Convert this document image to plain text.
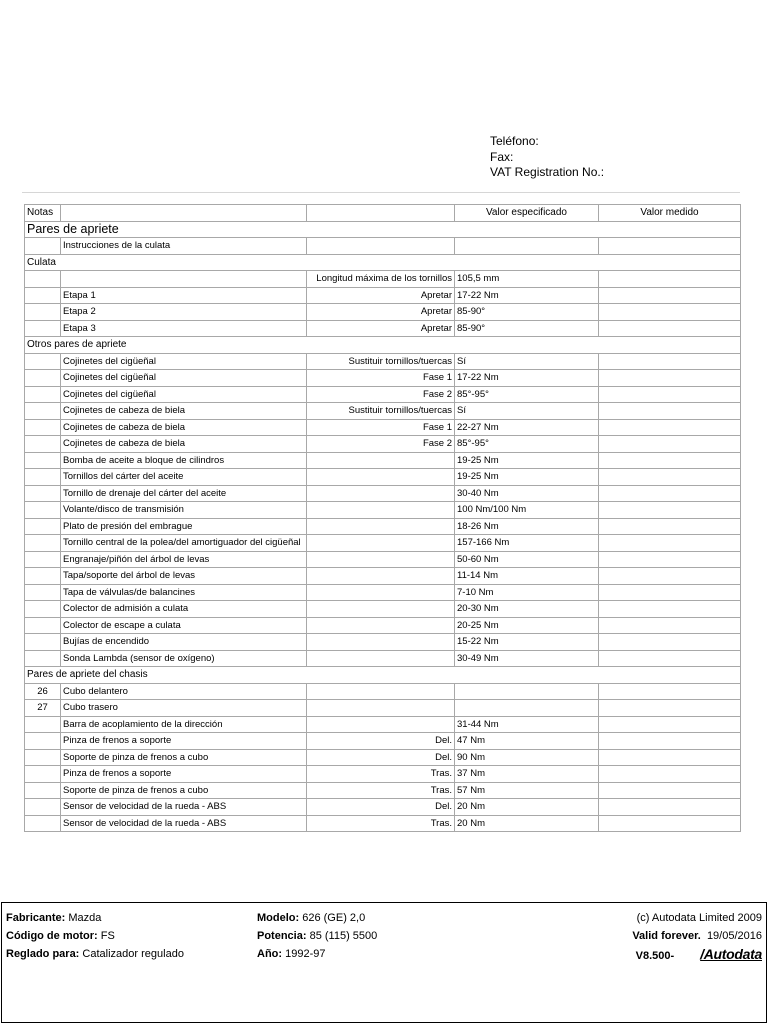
Teléfono:
Fax:
VAT Registration No.:
Notas			Valor especificado	Valor medido
Pares de apriete				
	Instrucciones de la culata			
Culata				
		Longitud máxima de los tornillos	105,5 mm	
	Etapa 1	Apretar	17-22 Nm	
	Etapa 2	Apretar	85-90°	
	Etapa 3	Apretar	85-90°	
Otros pares de apriete				
	Cojinetes del cigüeñal	Sustituir tornillos/tuercas	Sí	
	Cojinetes del cigüeñal	Fase 1	17-22 Nm	
	Cojinetes del cigüeñal	Fase 2	85°-95°	
	Cojinetes de cabeza de biela	Sustituir tornillos/tuercas	Sí	
	Cojinetes de cabeza de biela	Fase 1	22-27 Nm	
	Cojinetes de cabeza de biela	Fase 2	85°-95°	
	Bomba de aceite a bloque de cilindros		19-25 Nm	
	Tornillos del cárter del aceite		19-25 Nm	
	Tornillo de drenaje del cárter del aceite		30-40 Nm	
	Volante/disco de transmisión		100 Nm/100 Nm	
	Plato de presión del embrague		18-26 Nm	
	Tornillo central de la polea/del amortiguador del cigüeñal		157-166 Nm	
	Engranaje/piñón del árbol de levas		50-60 Nm	
	Tapa/soporte del árbol de levas		11-14 Nm	
	Tapa de válvulas/de balancines		7-10 Nm	
	Colector de admisión a culata		20-30 Nm	
	Colector de escape a culata		20-25 Nm	
	Bujías de encendido		15-22 Nm	
	Sonda Lambda (sensor de oxígeno)		30-49 Nm	
Pares de apriete del chasis				
26	Cubo delantero			
27	Cubo trasero			
	Barra de acoplamiento de la dirección		31-44 Nm	
	Pinza de frenos a soporte	Del.	47 Nm	
	Soporte de pinza de frenos a cubo	Del.	90 Nm	
	Pinza de frenos a soporte	Tras.	37 Nm	
	Soporte de pinza de frenos a cubo	Tras.	57 Nm	
	Sensor de velocidad de la rueda - ABS	Del.	20 Nm	
	Sensor de velocidad de la rueda - ABS	Tras.	20 Nm	
Fabricante: Mazda
Código de motor: FS
Reglado para: Catalizador regulado
Modelo: 626 (GE) 2,0
Potencia: 85 (115) 5500
Año: 1992-97
(c) Autodata Limited 2009
Valid forever. 19/05/2016
V8.500- /Autodata
